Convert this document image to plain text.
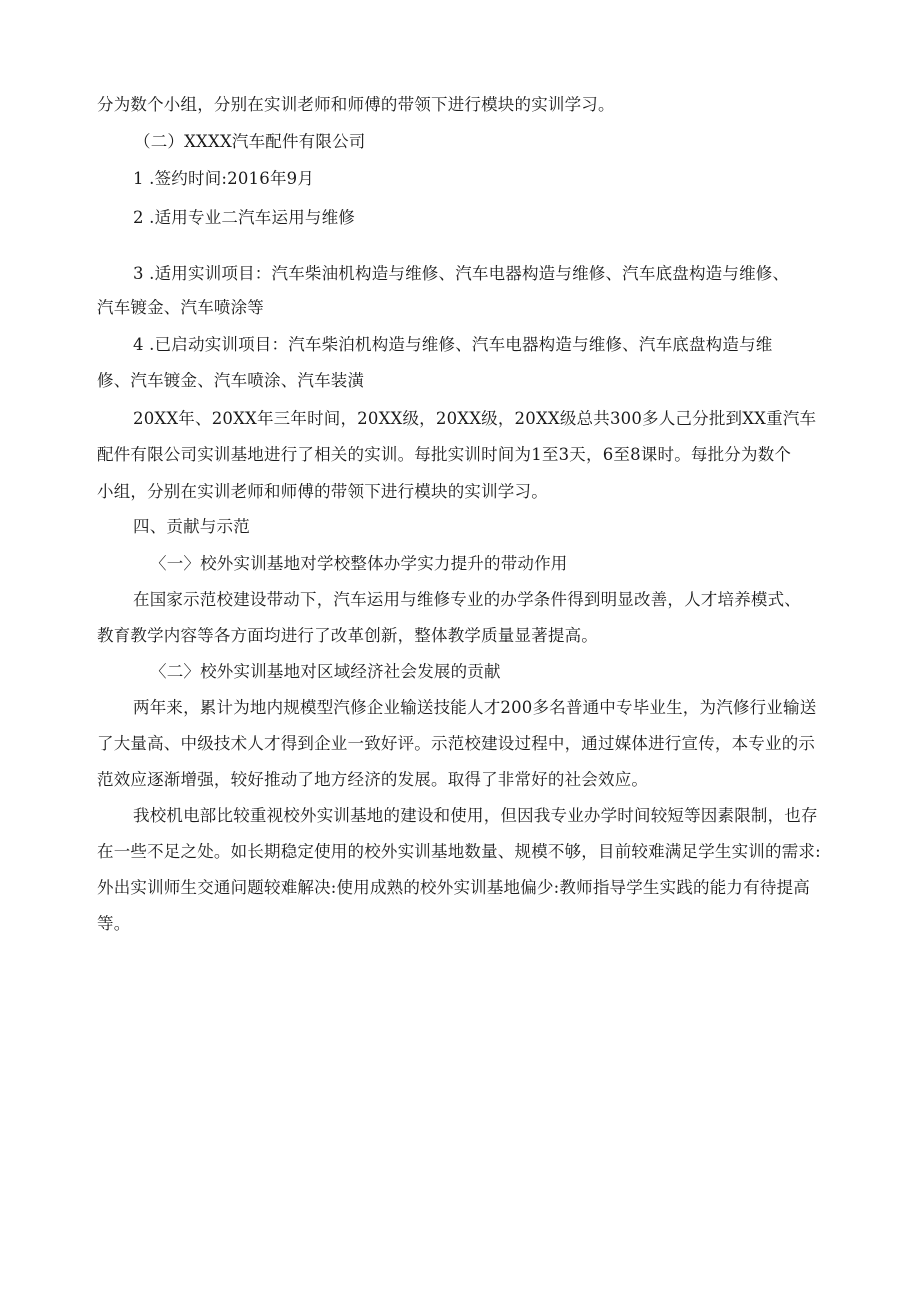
分为数个小组，分别在实训老师和师傅的带领下进行模块的实训学习。

（二）XXXX汽车配件有限公司

1 .签约时间:2016年9月

2 .适用专业二汽车运用与维修

3 .适用实训项目：汽车柴油机构造与维修、汽车电器构造与维修、汽车底盘构造与维修、

汽车镀金、汽车喷涂等

4 .已启动实训项目：汽车柴泊机构造与维修、汽车电器构造与维修、汽车底盘构造与维

修、汽车镀金、汽车喷涂、汽车装潢

20XX年、20XX年三年时间，20XX级，20XX级，20XX级总共300多人己分批到XX重汽车

配件有限公司实训基地进行了相关的实训。每批实训时间为1至3天，6至8课时。每批分为数个

小组，分别在实训老师和师傅的带领下进行模块的实训学习。

四、贡献与示范

〈一〉校外实训基地对学校整体办学实力提升的带动作用

在国家示范校建设带动下，汽车运用与维修专业的办学条件得到明显改善，人才培养模式、

教育教学内容等各方面均进行了改革创新，整体教学质量显著提高。

〈二〉校外实训基地对区域经济社会发展的贡献

两年来，累计为地内规模型汽修企业输送技能人才200多名普通中专毕业生，为汽修行业输送

了大量高、中级技术人才得到企业一致好评。示范校建设过程中，通过媒体进行宣传，本专业的示

范效应逐渐增强，较好推动了地方经济的发展。取得了非常好的社会效应。

我校机电部比较重视校外实训基地的建设和使用，但因我专业办学时间较短等因素限制，也存

在一些不足之处。如长期稳定使用的校外实训基地数量、规模不够，目前较难满足学生实训的需求:

外出实训师生交通问题较难解决:使用成熟的校外实训基地偏少:教师指导学生实践的能力有待提高

等。
